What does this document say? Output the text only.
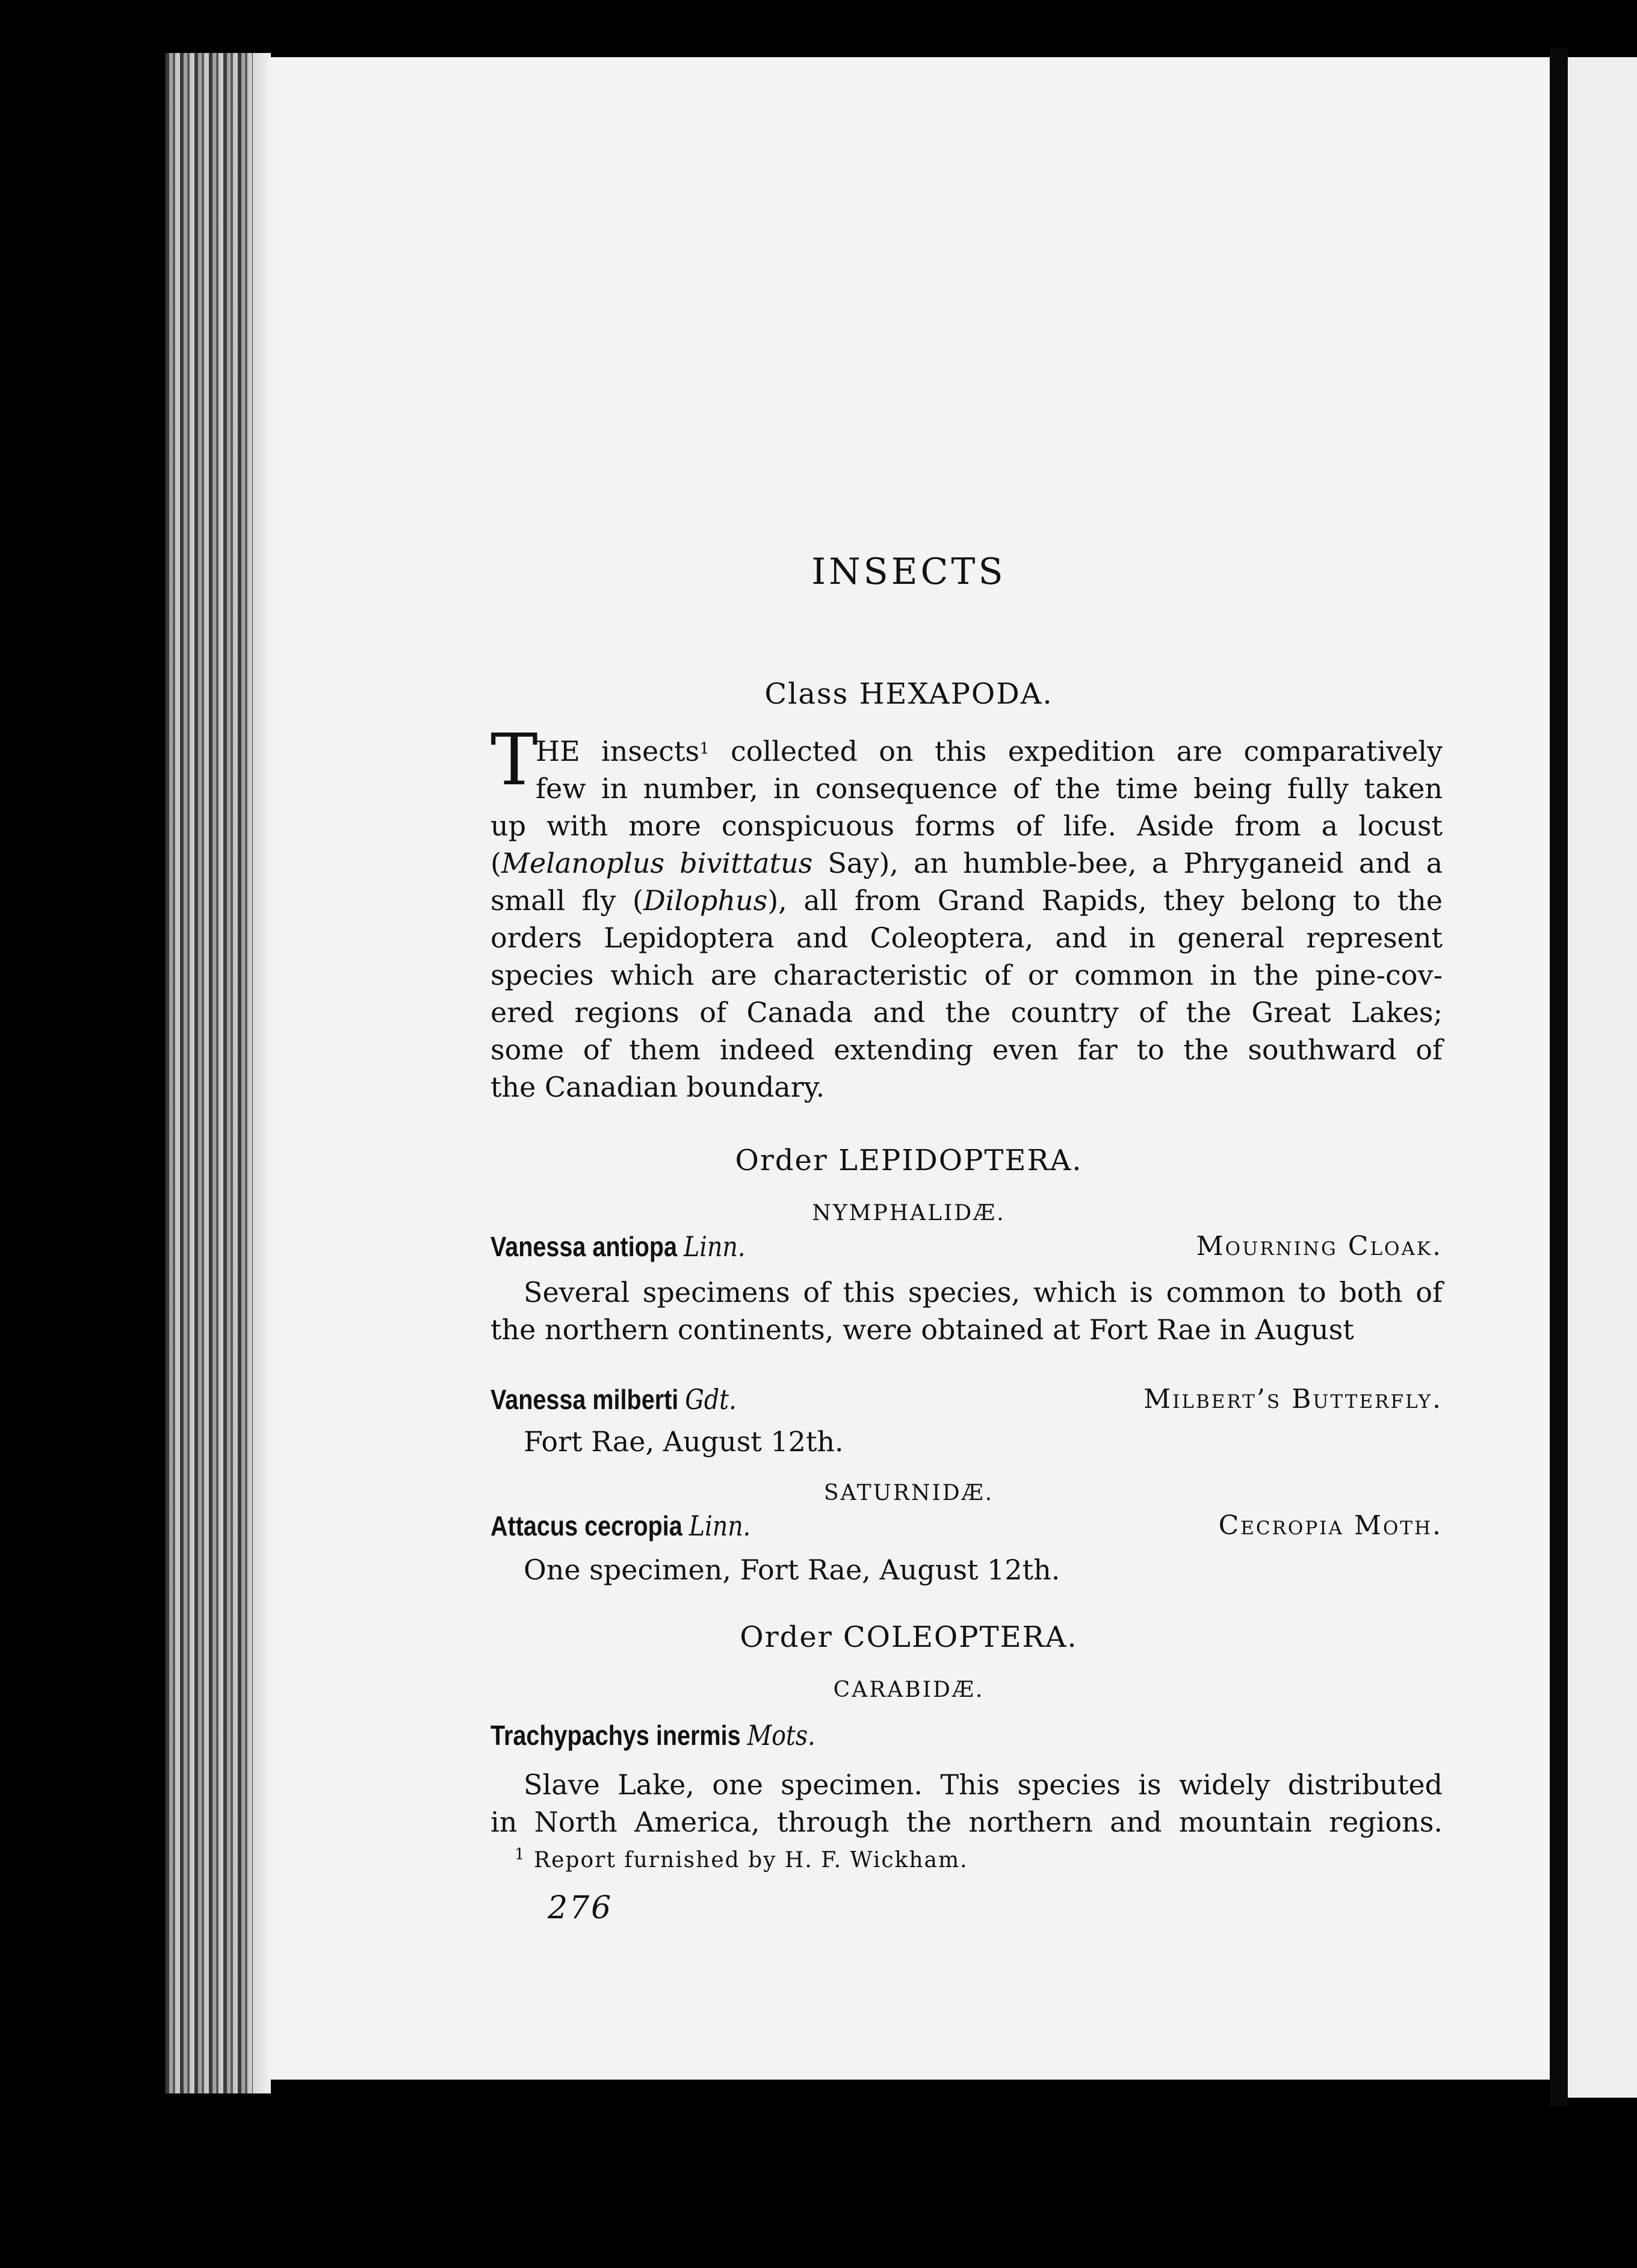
INSECTS
Class HEXAPODA.
T
HE insects$^1$ collected on this expedition are comparatively
few in number, in consequence of the time being fully taken
up with more conspicuous forms of life. Aside from a locust
(Melanoplus bivittatus Say), an humble-bee, a Phryganeid and a
small fly (Dilophus), all from Grand Rapids, they belong to the
orders Lepidoptera and Coleoptera, and in general represent
species which are characteristic of or common in the pine-cov-
ered regions of Canada and the country of the Great Lakes;
some of them indeed extending even far to the southward of
the Canadian boundary.
Order LEPIDOPTERA.
NYMPHALIDÆ.
Vanessa antiopa Linn.	Mourning Cloak.
Several specimens of this species, which is common to both of
the northern continents, were obtained at Fort Rae in August
Vanessa milberti Gdt.	Milbert’s Butterfly.
Fort Rae, August 12th.
SATURNIDÆ.
Attacus cecropia Linn.	Cecropia Moth.
One specimen, Fort Rae, August 12th.
Order COLEOPTERA.
CARABIDÆ.
Trachypachys inermis Mots.
Slave Lake, one specimen. This species is widely distributed
in North America, through the northern and mountain regions.
$^1$ Report furnished by H. F. Wickham.
276
